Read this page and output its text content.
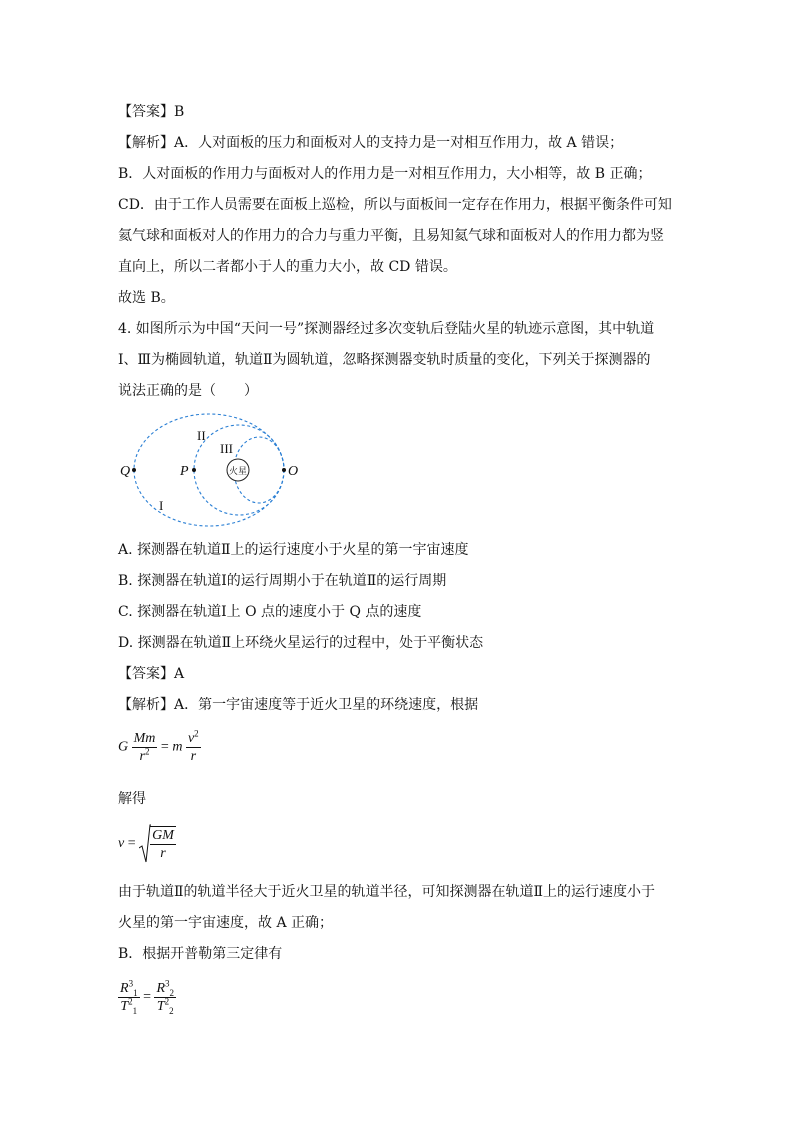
【答案】B
【解析】A．人对面板的压力和面板对人的支持力是一对相互作用力，故 A 错误；
B．人对面板的作用力与面板对人的作用力是一对相互作用力，大小相等，故 B 正确；
CD．由于工作人员需要在面板上巡检，所以与面板间一定存在作用力，根据平衡条件可知
氦气球和面板对人的作用力的合力与重力平衡，且易知氦气球和面板对人的作用力都为竖
直向上，所以二者都小于人的重力大小，故 CD 错误。
故选 B。
4. 如图所示为中国“天问一号”探测器经过多次变轨后登陆火星的轨迹示意图，其中轨道
Ⅰ、Ⅲ为椭圆轨道，轨道Ⅱ为圆轨道，忽略探测器变轨时质量的变化，下列关于探测器的
说法正确的是（　　）
火星
Q	P	O
I
II
III
A. 探测器在轨道Ⅱ上的运行速度小于火星的第一宇宙速度
B. 探测器在轨道Ⅰ的运行周期小于在轨道Ⅱ的运行周期
C. 探测器在轨道Ⅰ上 O 点的速度小于 Q 点的速度
D. 探测器在轨道Ⅱ上环绕火星运行的过程中，处于平衡状态
【答案】A
【解析】A．第一宇宙速度等于近火卫星的环绕速度，根据
G $\frac{Mm}{r^2} = m \frac{v^2}{r}$
解得
$v = \frac{GM}{r}$
由于轨道Ⅱ的轨道半径大于近火卫星的轨道半径，可知探测器在轨道Ⅱ上的运行速度小于
火星的第一宇宙速度，故 A 正确；
B．根据开普勒第三定律有
$\frac{R^3_1}{T^2_1} = \frac{R^3_2}{T^2_2}$
